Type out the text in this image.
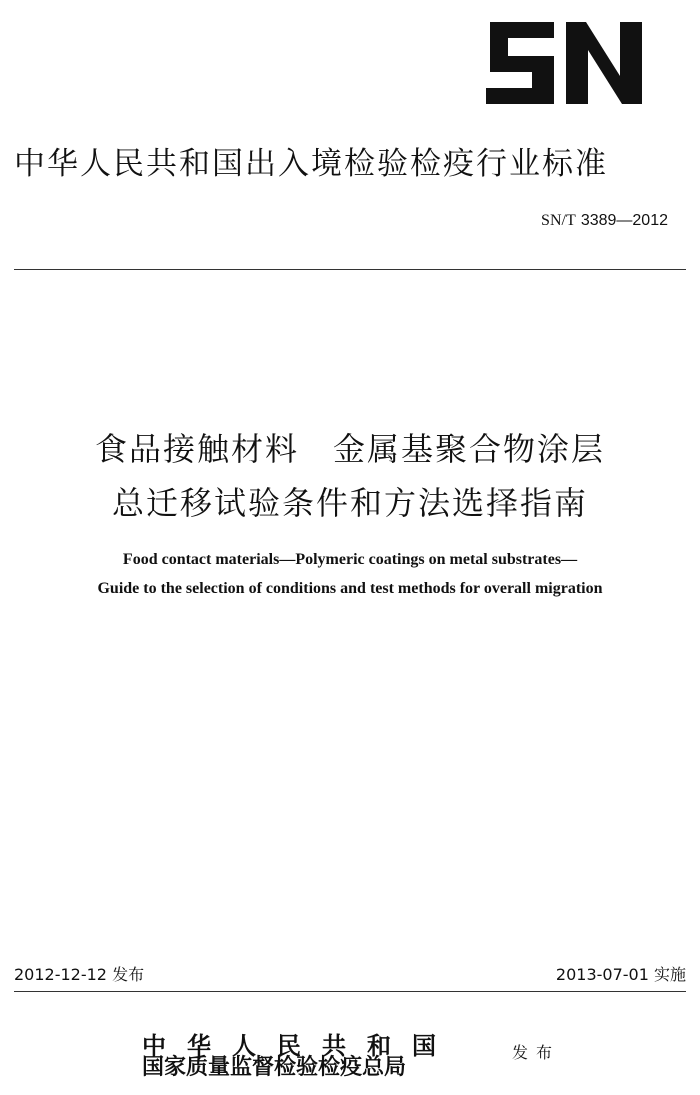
中华人民共和国出入境检验检疫行业标准
SN/T 3389—2012
食品接触材料　金属基聚合物涂层
总迁移试验条件和方法选择指南
Food contact materials—Polymeric coatings on metal substrates—
Guide to the selection of conditions and test methods for overall migration
2012-12-12 发布	2013-07-01 实施
中华人民共和国
国家质量监督检验检疫总局
发布
